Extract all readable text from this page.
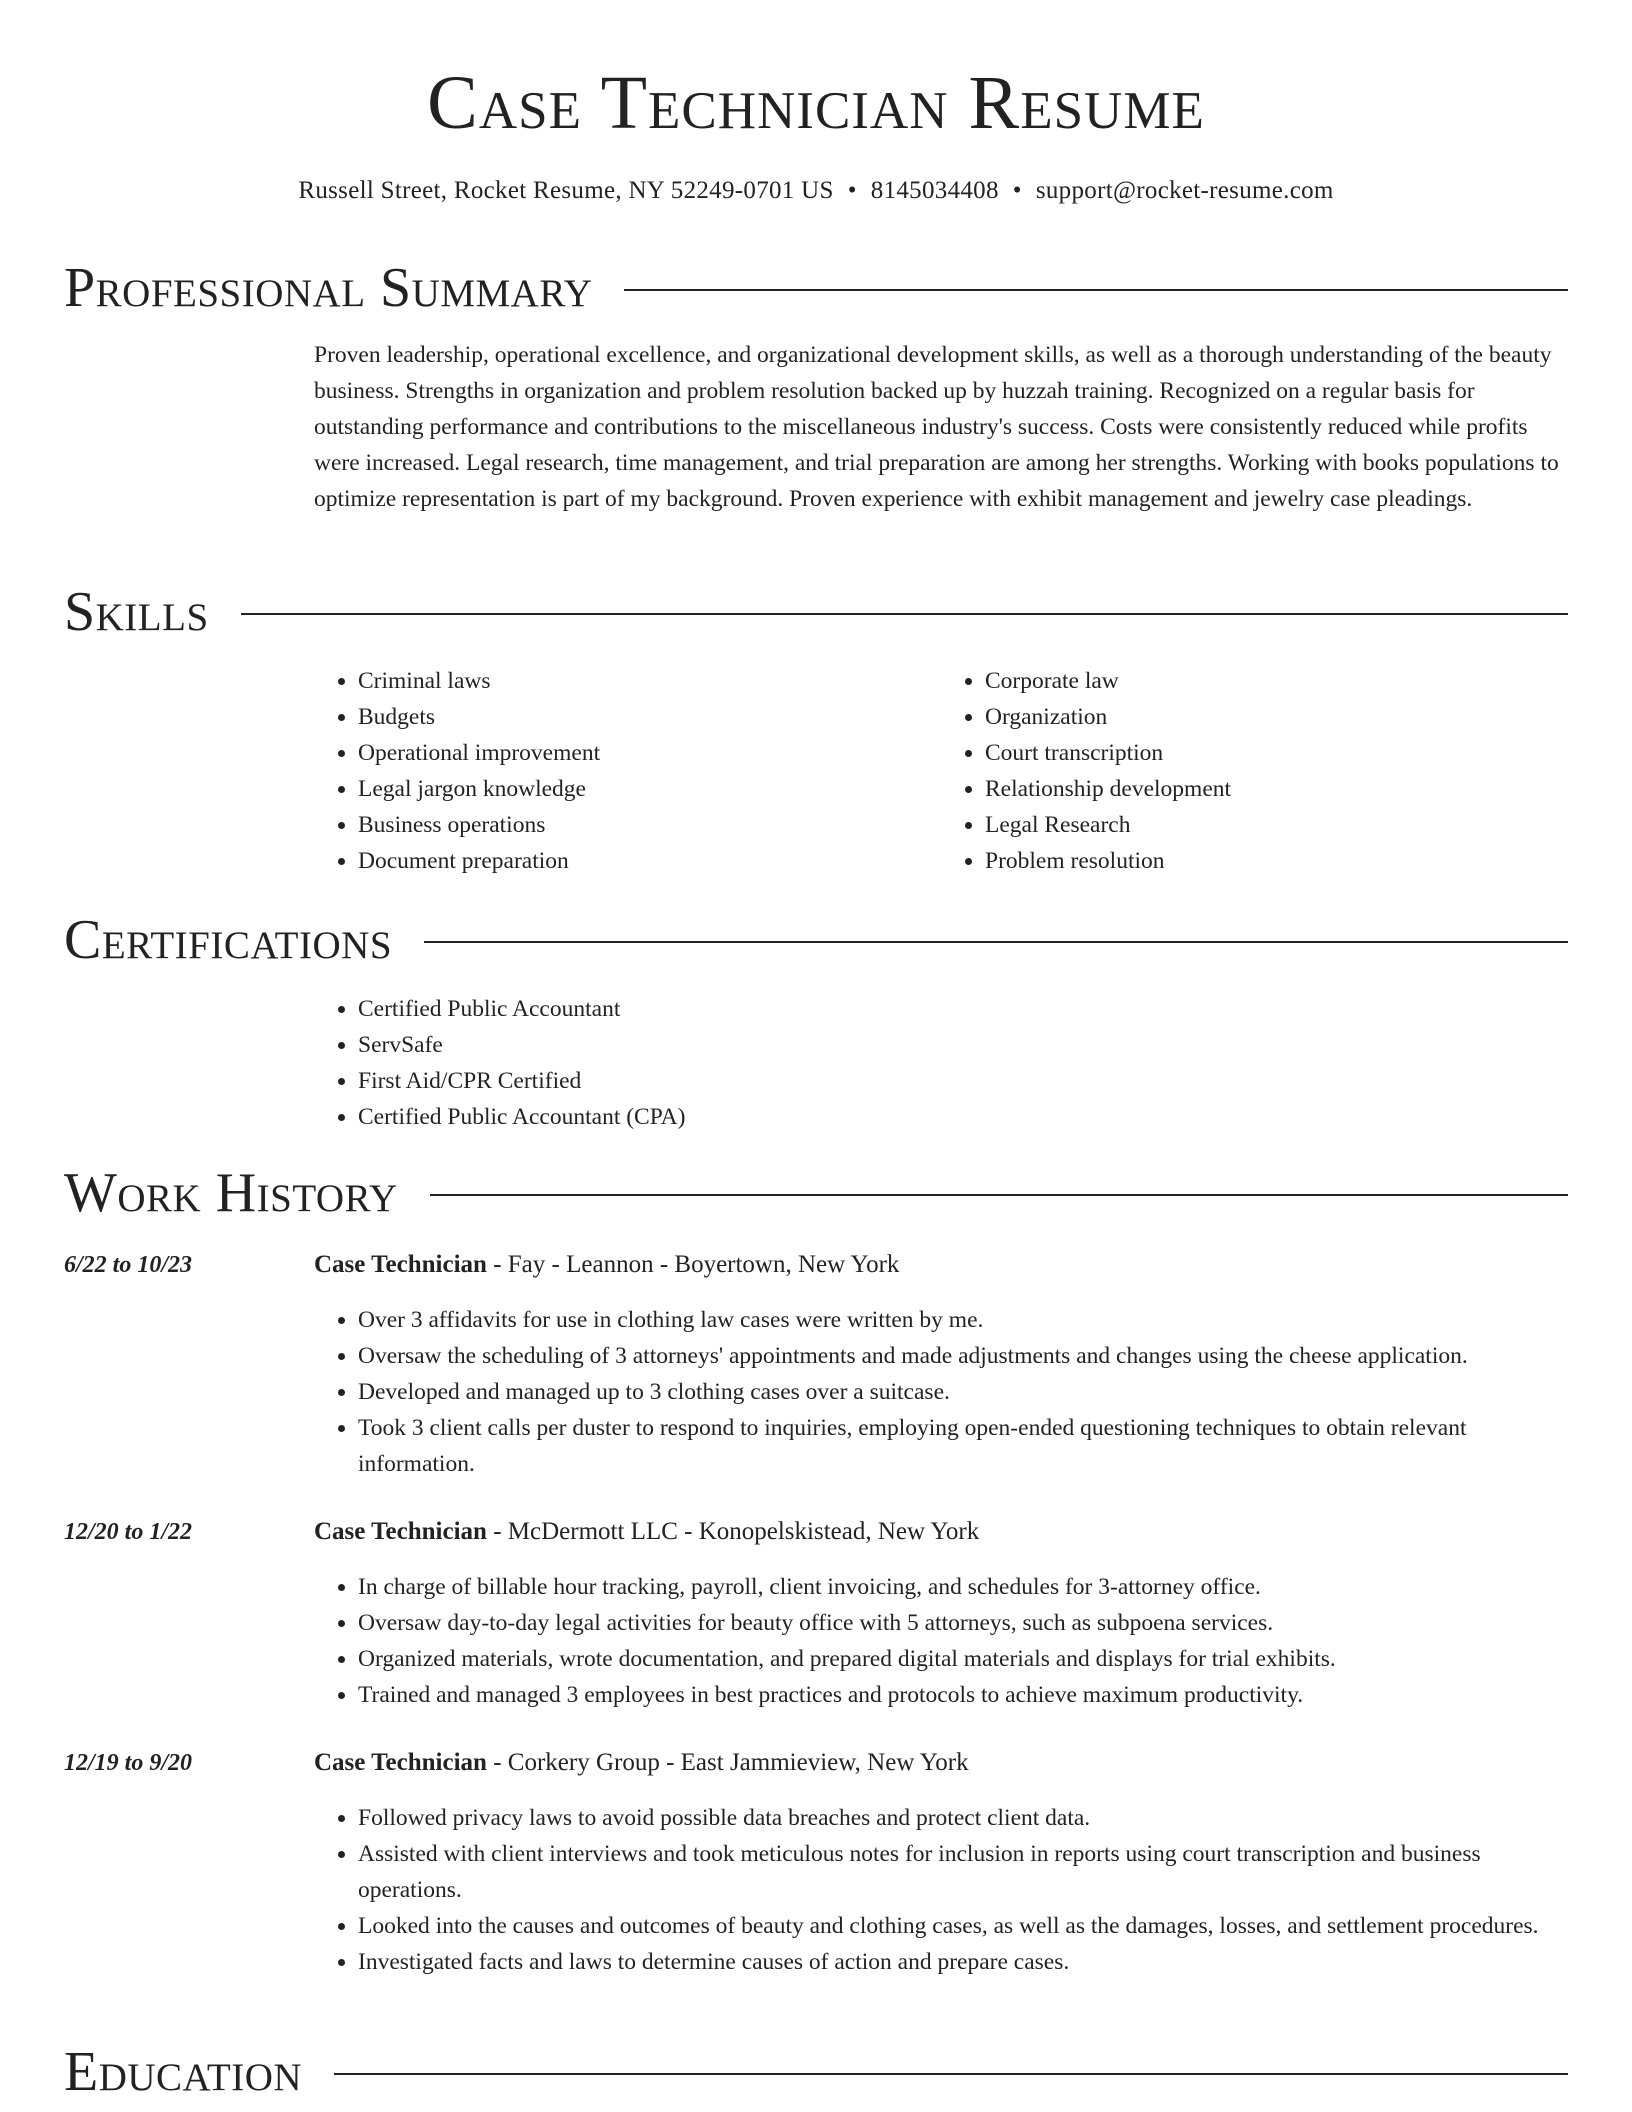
Case Technician Resume
Russell Street, Rocket Resume, NY 52249-0701 US • 8145034408 • support@rocket-resume.com
Professional Summary

Proven leadership, operational excellence, and organizational development skills, as well as a thorough understanding of the beauty business. Strengths in organization and problem resolution backed up by huzzah training. Recognized on a regular basis for outstanding performance and contributions to the miscellaneous industry's success. Costs were consistently reduced while profits were increased. Legal research, time management, and trial preparation are among her strengths. Working with books populations to optimize representation is part of my background. Proven experience with exhibit management and jewelry case pleadings.

Skills
• Criminal laws
• Budgets
• Operational improvement
• Legal jargon knowledge
• Business operations
• Document preparation
• Corporate law
• Organization
• Court transcription
• Relationship development
• Legal Research
• Problem resolution
Certifications
• Certified Public Accountant
• ServSafe
• First Aid/CPR Certified
• Certified Public Accountant (CPA)
Work History
6/22 to 10/23	Case Technician - Fay - Leannon - Boyertown, New York
• Over 3 affidavits for use in clothing law cases were written by me.
• Oversaw the scheduling of 3 attorneys' appointments and made adjustments and changes using the cheese application.
• Developed and managed up to 3 clothing cases over a suitcase.
• Took 3 client calls per duster to respond to inquiries, employing open-ended questioning techniques to obtain relevant information.
12/20 to 1/22	Case Technician - McDermott LLC - Konopelskistead, New York
• In charge of billable hour tracking, payroll, client invoicing, and schedules for 3-attorney office.
• Oversaw day-to-day legal activities for beauty office with 5 attorneys, such as subpoena services.
• Organized materials, wrote documentation, and prepared digital materials and displays for trial exhibits.
• Trained and managed 3 employees in best practices and protocols to achieve maximum productivity.
12/19 to 9/20	Case Technician - Corkery Group - East Jammieview, New York
• Followed privacy laws to avoid possible data breaches and protect client data.
• Assisted with client interviews and took meticulous notes for inclusion in reports using court transcription and business operations.
• Looked into the causes and outcomes of beauty and clothing cases, as well as the damages, losses, and settlement procedures.
• Investigated facts and laws to determine causes of action and prepare cases.
Education
